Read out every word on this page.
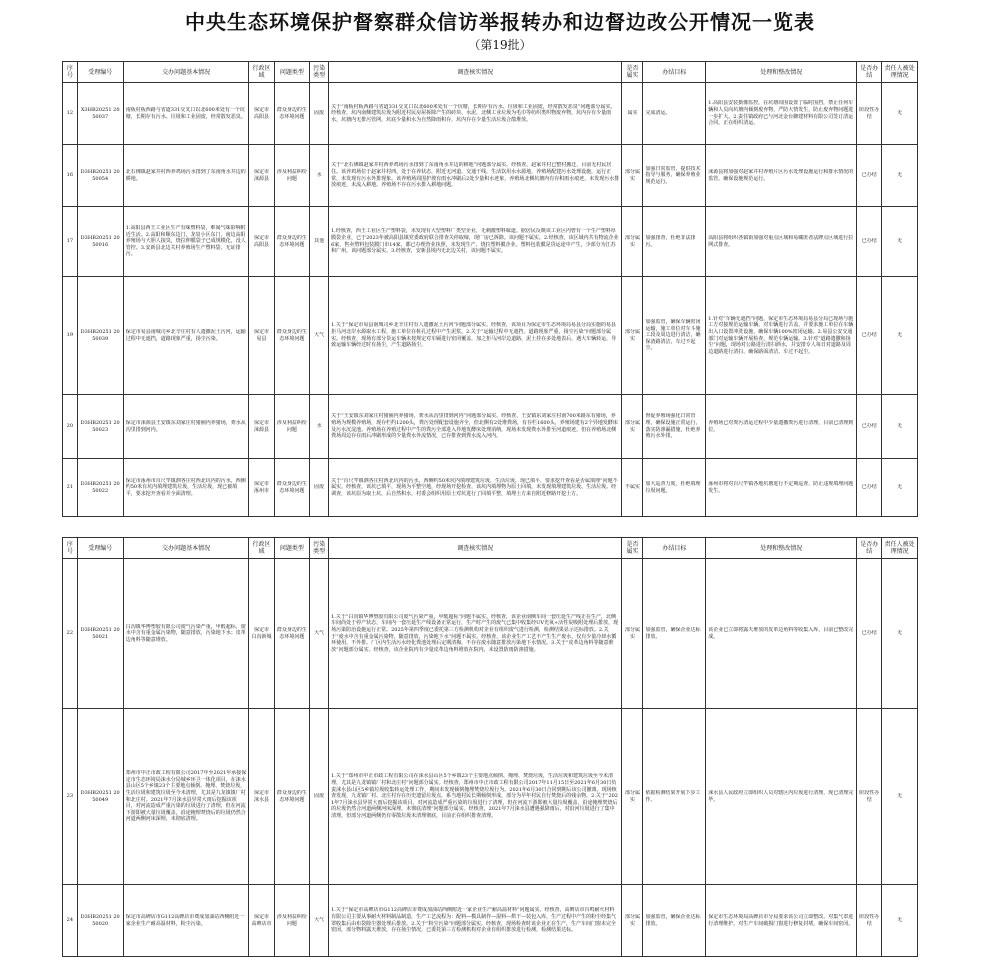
中央生态环境保护督察群众信访举报转办和边督边改公开情况一览表
（第19批）
序号	受理编号	交办问题基本情况	行政区域	问题类型	污染类型	调查核实情况	是否属实	办结目标	处理和整改情况	是否办结	责任人被处理情况

12	X3HB20251 2050037	南板村板西路与省道331交叉口以北600米处有一个坑塘，长期存有污水、垃圾和工业固废，经常散发恶臭。	保定市 高阳县	群众身边的生态环境问题	固废	关于“南板村板西路与省道331交叉口以北600米处有一个坑塘，长期存有污水、垃圾和工业固废，经常散发恶臭”问题部分属实。经核查，坑内南侧建筑垃圾为附近村民房屋拆除产生的砖块、水泥，北侧工业垃圾为毛巾等纺织类织物废弃物，坑内存有少量雨水，坑塘内无排污管网，坑底少量积水为自然降雨积存，坑内存在少量生活垃圾合散堆放。	属实	完成清运。	1.高阳县安装摄像监控，在坑塘周围设置了临时围挡，禁止任何车辆和人员向坑塘内倾倒废弃物，严防大情发生，防止废弃物问题进一步扩大。2.责任镇政府已与河北金台御建材料有限公司签订清运合同，正在组织清运。	阶段性办结	无

16	D3HB20251 2050054	北石佛镇赵家井村西养鸡场污水排到了东南角水井边的耕地。	保定市 涞源县	涉及利益纠纷问题	水	关于“北石佛镇赵家井村西养鸡场污水排到了东南角水井边的耕地”问题部分属实。经核查，赵家井村已整村搬迁，目前无村民居住。该养鸡场位于赵家井村西，处于在养状态，附近无河道、交通干线，生活饮用水水源地，养殖场配建污水处理设施，运行正常，未发现有污水外排现象。该养殖场周围护坡有雨水冲刷后2处少量积水迹象，养殖场北侧坑塘内有存积雨水痕迹，未发现污水排放痕迹，未流入耕地。养殖场不存在污水排入耕地问题。	部分属实	加强日常监管，提供技术指导与服务，确保养殖业规范运行。	涞源县将加强对赵家井村养殖片区污水处理设施运行和排水情况的监管，确保设施规范运行。	已办结	无

17	D3HB20251 2050016	1.高阳县西王工业区生产有味塑料袋，难闻气味影响附近生活。2.高阳和顺东边门，龙泉小区东门，南边高阳养殖场与大胆人接臭，烧拉伸膜袋子已成规模化，没人管控。3.安新县北边关村养殖场生产塑料袋，无证排污。	保定市 高阳县	群众身边的生态环境问题	其他	1.经核查，西王工业区生产塑料袋，未发现有大型塑料厂类型企业，无刺激塑料味道。据居民反映该工业区内曾有一个生产塑料厚膜袋企业，已于2023年被高阳县镇党委政府联合排查关停取缔，现厂房已拆除。该问题不属实。2.经核查，该区域内共有物流企业6家，售卖塑料包装膜门市14家，都已办理营业执照，未发现生产、烧拉塑料膜企业。塑料包装膜是货运途中产生，少部分为江苏和广州。该问题部分属实。3.经核查，安新县境内无北边关村，该问题不属实。	部分属实	加强排查，杜绝非法排污。	高阳县将组织各镇街加强对重点区域和易藏匿者法牌点区域进行拉网式排查。	已办结	无

19	D3HB20251 2050039	保定市易县南城司乡北辛庄村有人遗撒泥土污河，运输过程中无遮挡，道路现象严重，扬尘污染。	保定市 易县	群众身边的生态环境问题	大气	1.关于“保定市易县南城司乡北辛庄村有人遗撒泥土污河”问题部分属实。经核查，该项目为保定市生态环境局易县分局实施的易县拒马河北岸水源取水工程，施工单位在桩孔过程中产生泥浆。2.关于“运输过程中无遮挡，道路现象严重，扬尘污染”问题部分属实。经核查，现场有部分货运车辆未按规定对车厢进行密闭覆盖，加之拒马河岸边道路，泥土挂在多处地表后，遇大车辆转运，导致运输车辆经过时有扬尘，产生道路扬尘。	部分属实	加强监管，确保车辆密闭运输，施工单位对车斗施工段及周边进行清洁，确保渣路清洁，车过不起尘。	1.针对“车辆无遮挡”问题，保定市生态环境局易县分局已现场与施工方对接规范运输车辆，对车辆进行苫盖，并要求施工单位在车辆出入口设置冲洗设施，确保车辆100%密闭运输。2.易县公安交通部门对运输车辆开展检查，规范车辆运输。3.针对“道路遗撒和扬尘”问题，现场对公路进行清扫洒水，并安排专人每日对道路及周边道路进行清扫，确保路面清洁、车过不起尘。	已办结	无

20	D3HB20251 2050023	保定市涞源县王安镇东刘家庄村猪圈内养猪场，粪水从沟里排到河内。	保定市 涞源县	涉及利益纠纷问题	水	关于“王安镇东刘家庄村猪圈内养猪场，粪水从沟里排到河内”问题部分属实。经核查，王安镇东刘家庄村南700米路东有猪场，养殖场为规模养殖场，现存栏约1200头，粪污处理配套设施齐全，但北侧有2处堆粪场，有存栏1600头，养殖场建有2个异地发酵床及污水沉淀池。养殖场在养殖过程中产生的粪污全部进入异地发酵床处理消纳，现场未发现粪水外排至河道痕迹，但在养殖场北侧粪场周边存在雨后冲刷形成的少量粪水外流情况，已存排查到粪水流入河内。	部分属实	督促养殖场强化日常管理，确保设施正常运行，落实防渗漏措施，杜绝养殖污水外排。	养殖场已对粪污清运过程中少量遗撒粪污进行清理，目前已清理到位。	已办结	无

21	D3HB20251 2050022	保定市涿州市百尺竿镇泗各庄村西北坑内的污水，西侧约50米有坑内填埋建筑垃圾，生活垃圾，现已被填平，要求挖开查看并全面清理。	保定市 涿州市	群众身边的生态环境问题	固废	关于“百尺竿镇泗各庄村西北坑内的污水，西侧约50米坑内填埋建筑垃圾，生活垃圾，现已填平，要求挖开查看是否属填埋”问题不属实。经核查，该坑已填平，现场为平整空地，经现场开挖检查，该坑内填埋物为原土回填，未发现填埋建筑垃圾、生活垃圾。经调查，该坑原为取土坑，后自然积水，村委会组织用原土对坑进行了回填平整，填埋土方来自附近修路开挖土方。	不属实	加大巡查力度，杜绝填埋垃圾问题。	涿州市将对百尺竿镇各地坑塘进行不定期巡查，防止违规填埋问题发生。	已办结	无
序号	受理编号	交办问题基本情况	行政区域	问题类型	污染类型	调查核实情况	是否属实	办结目标	处理和整改情况	是否办结	责任人被处理情况

22	D3HB20251 2050021	白沟镇华博塑胶有限公司废气污染严重，甲醛超标，废水中含有重金属污染物，随意排放，污染地下水；皮革边角料等随意堆放。	保定市 白沟新城	群众身边的生态环境问题	大气	1.关于“白沟镇华博塑胶有限公司废气污染严重，甲醛超标”问题不属实。经核查，该企业南侧车间一套压延生产线正在生产，北侧车间尚处于停产状态，车间内一套压延生产线设备正常运行，生产时产生的废气已集中收集经UV光氧+活性炭吸附处理后排放，现场污染防治设施运行正常。2025年第四季度已委托第三方检测机构对企业有组织废气进行检测，检测结果显示达标排放。2.关于“废水中含有重金属污染物，随意排放，污染地下水”问题不属实。经核查，该企业生产工艺不产生生产废水，仅有少量冷却水循环使用，不外排。厂区内生活污水经化粪池处理后定期清掏，不存在废水随意排放污染地下水情况。3.关于“皮革边角料等随意堆放”问题部分属实。经核查，该企业院内有少量皮革边角料堆放在院内，未设置防雨防渗措施。	部分属实	加强监管，确保企业达标排放。	该企业已立即将露天堆放的皮革边角料等收集入库，目前已整改完成。	已办结	无

23	D3HB20251 2050049	郑州市中正市政工程有限公司2017年至2021年承接保定市生态环境局涞水分局城乡环卫一体化项目，在涞水县山区5个乡镇23个主要地点倾倒、掩埋、焚烧垃圾，生活垃圾和建筑垃圾至今未清理，尤其是九龙镇镇厂村和北庄村。2021年7月涞水县异常大雨后挖掘该项目，对河流造成严重污染的垃圾进行了清理，但在河流下游即被大量垃圾覆盖，沿途掩埋焚烧后的垃圾仍然合河道两侧河床深埋，未彻底清理。	保定市 涞水县	群众身边的生态环境问题	固废	1.关于“郑州市中正市政工程有限公司在涞水县山区5个乡镇23个主要地点倾倒、掩埋、焚烧垃圾，生活垃圾和建筑垃圾至今未清理，尤其是九龙镇镇厂村和北庄村”问题部分属实。经核查，郑州市中正市政工程有限公司2017年11月15日至2021年6月30日负责涞水县山区5乡镇垃圾收集转运处理工作，期间未发现倾倒掩埋焚烧垃圾行为。2021年6月30日合同到期后该公司撤离。现场核查发现，九龙镇厂村、北庄村存在历史遗留垃圾点，系当地村民长期倾倒形成，部分为早年村民自行焚烧后的残余物。2.关于“2021年7月涞水县异常大雨后挖掘该项目，对河流造成严重污染的垃圾进行了清理，但在河流下游即被大量垃圾覆盖，沿途掩埋焚烧后的垃圾仍然合河道两侧河床深埋，未彻底清理”问题部分属实。经核查，2021年7月涞水县遭遇强降雨后，对沿河垃圾进行了集中清理，但部分河道两侧仍有零散垃圾未清理彻底，目前正在组织排查清理。	部分属实	依据检测结果开展下步工作。	涞水县人民政府立即组织人员对辖区内垃圾进行清理，现已清理完毕。	阶段性办结	无

24	D3HB20251 2050020	保定市高碑店市G112高碑店市费成加油站西侧附近一家企业生产耐高温材料，粉尘污染。	保定市 高碑店市	涉及利益纠纷问题	大气	1.关于“保定市高碑店市G112高碑店市费成加油站西侧附近一家企业生产耐高温材料”问题属实。经核查，高碑店市百鸣耐火材料有限公司主要从事耐火材料制品制造，生产工艺流程为：配料—模具制作—混料—烘干—装包入库，生产过程中产生的粉尘经集气罩收集后由布袋除尘器处理后排放。2.关于“粉尘污染”问题部分属实。经核查，现场检查时该企业正在生产，生产车间门窗未完全密闭，部分物料露天堆放，存在扬尘情况，已委托第三方检测机构对企业有组织排放进行检测，检测结果达标。	部分属实	加强监管，确保企业达标排放。	保定市生态环境局高碑店市分局要求该公司立即整改，对集气罩进行清理维护，对生产车间破损门窗进行修复封堵，确保车间密闭。	阶段性办结	无
